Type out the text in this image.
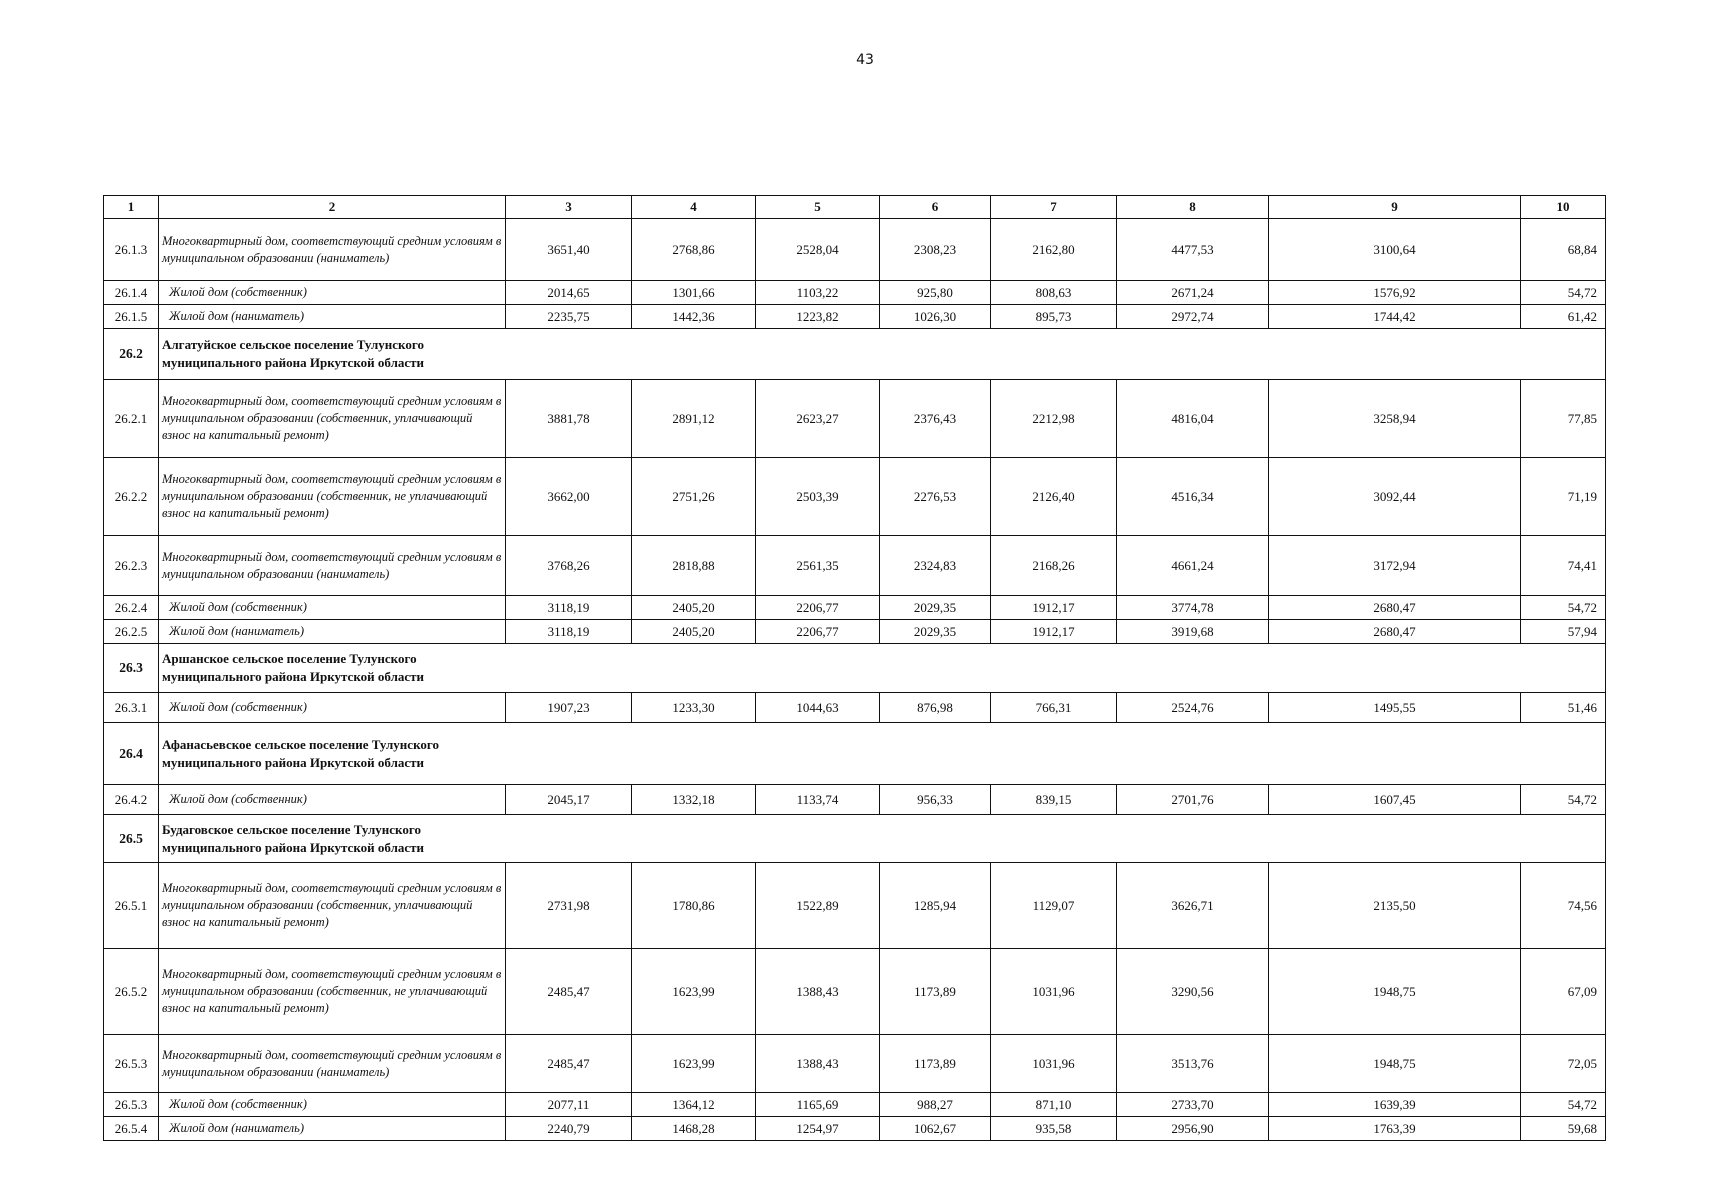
43
1	2	3	4	5	6	7	8	9	10
26.1.3	Многоквартирный дом, соответствующий средним условиям в муниципальном образовании (наниматель)	3651,40	2768,86	2528,04	2308,23	2162,80	4477,53	3100,64	68,84
26.1.4	Жилой дом (собственник)	2014,65	1301,66	1103,22	925,80	808,63	2671,24	1576,92	54,72
26.1.5	Жилой дом (наниматель)	2235,75	1442,36	1223,82	1026,30	895,73	2972,74	1744,42	61,42
26.2	Алгатуйское сельское поселение Тулунского муниципального района Иркутской области								

26.2.1	Многоквартирный дом, соответствующий средним условиям в муниципальном образовании (собственник, уплачивающий взнос на капитальный ремонт)	3881,78	2891,12	2623,27	2376,43	2212,98	4816,04	3258,94	77,85
26.2.2	Многоквартирный дом, соответствующий средним условиям в муниципальном образовании (собственник, не уплачивающий взнос на капитальный ремонт)	3662,00	2751,26	2503,39	2276,53	2126,40	4516,34	3092,44	71,19
26.2.3	Многоквартирный дом, соответствующий средним условиям в муниципальном образовании (наниматель)	3768,26	2818,88	2561,35	2324,83	2168,26	4661,24	3172,94	74,41
26.2.4	Жилой дом (собственник)	3118,19	2405,20	2206,77	2029,35	1912,17	3774,78	2680,47	54,72
26.2.5	Жилой дом (наниматель)	3118,19	2405,20	2206,77	2029,35	1912,17	3919,68	2680,47	57,94
26.3	Аршанское сельское поселение Тулунского муниципального района Иркутской области								

26.3.1	Жилой дом (собственник)	1907,23	1233,30	1044,63	876,98	766,31	2524,76	1495,55	51,46
26.4	Афанасьевское сельское поселение Тулунского муниципального района Иркутской области								

26.4.2	Жилой дом (собственник)	2045,17	1332,18	1133,74	956,33	839,15	2701,76	1607,45	54,72
26.5	Будаговское сельское поселение Тулунского муниципального района Иркутской области								

26.5.1	Многоквартирный дом, соответствующий средним условиям в муниципальном образовании (собственник, уплачивающий взнос на капитальный ремонт)	2731,98	1780,86	1522,89	1285,94	1129,07	3626,71	2135,50	74,56
26.5.2	Многоквартирный дом, соответствующий средним условиям в муниципальном образовании (собственник, не уплачивающий взнос на капитальный ремонт)	2485,47	1623,99	1388,43	1173,89	1031,96	3290,56	1948,75	67,09
26.5.3	Многоквартирный дом, соответствующий средним условиям в муниципальном образовании (наниматель)	2485,47	1623,99	1388,43	1173,89	1031,96	3513,76	1948,75	72,05
26.5.3	Жилой дом (собственник)	2077,11	1364,12	1165,69	988,27	871,10	2733,70	1639,39	54,72
26.5.4	Жилой дом (наниматель)	2240,79	1468,28	1254,97	1062,67	935,58	2956,90	1763,39	59,68
